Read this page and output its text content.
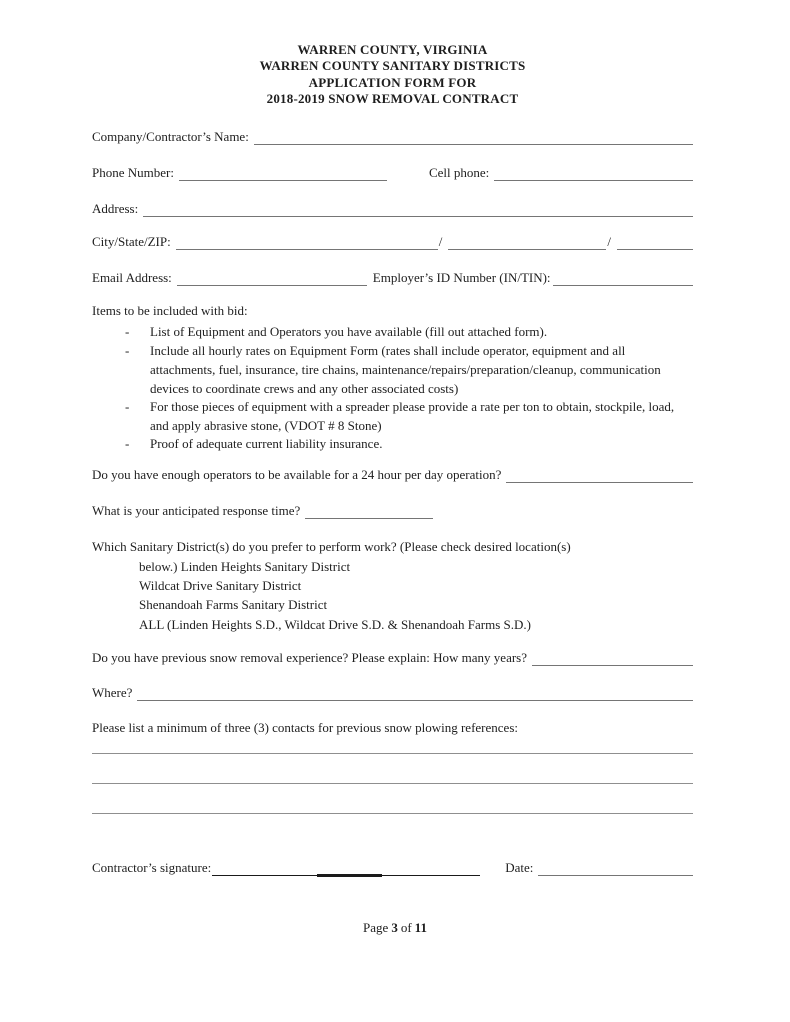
WARREN COUNTY, VIRGINIA
WARREN COUNTY SANITARY DISTRICTS
APPLICATION FORM FOR
2018-2019 SNOW REMOVAL CONTRACT
Company/Contractor’s Name:
Phone Number:	Cell phone:
Address:
City/State/ZIP:	/	/
Email Address:	Employer’s ID Number (IN/TIN):
Items to be included with bid:
- List of Equipment and Operators you have available (fill out attached form).
- Include all hourly rates on Equipment Form (rates shall include operator, equipment and all attachments, fuel, insurance, tire chains, maintenance/repairs/preparation/cleanup, communication devices to coordinate crews and any other associated costs)
- For those pieces of equipment with a spreader please provide a rate per ton to obtain, stockpile, load, and apply abrasive stone, (VDOT # 8 Stone)
- Proof of adequate current liability insurance.
Do you have enough operators to be available for a 24 hour per day operation?
What is your anticipated response time?
Which Sanitary District(s) do you prefer to perform work? (Please check desired location(s)
below.) Linden Heights Sanitary District
Wildcat Drive Sanitary District
Shenandoah Farms Sanitary District
ALL (Linden Heights S.D., Wildcat Drive S.D. & Shenandoah Farms S.D.)
Do you have previous snow removal experience? Please explain: How many years?
Where?
Please list a minimum of three (3) contacts for previous snow plowing references:
Contractor’s signature:	Date:
Page 3 of 11
